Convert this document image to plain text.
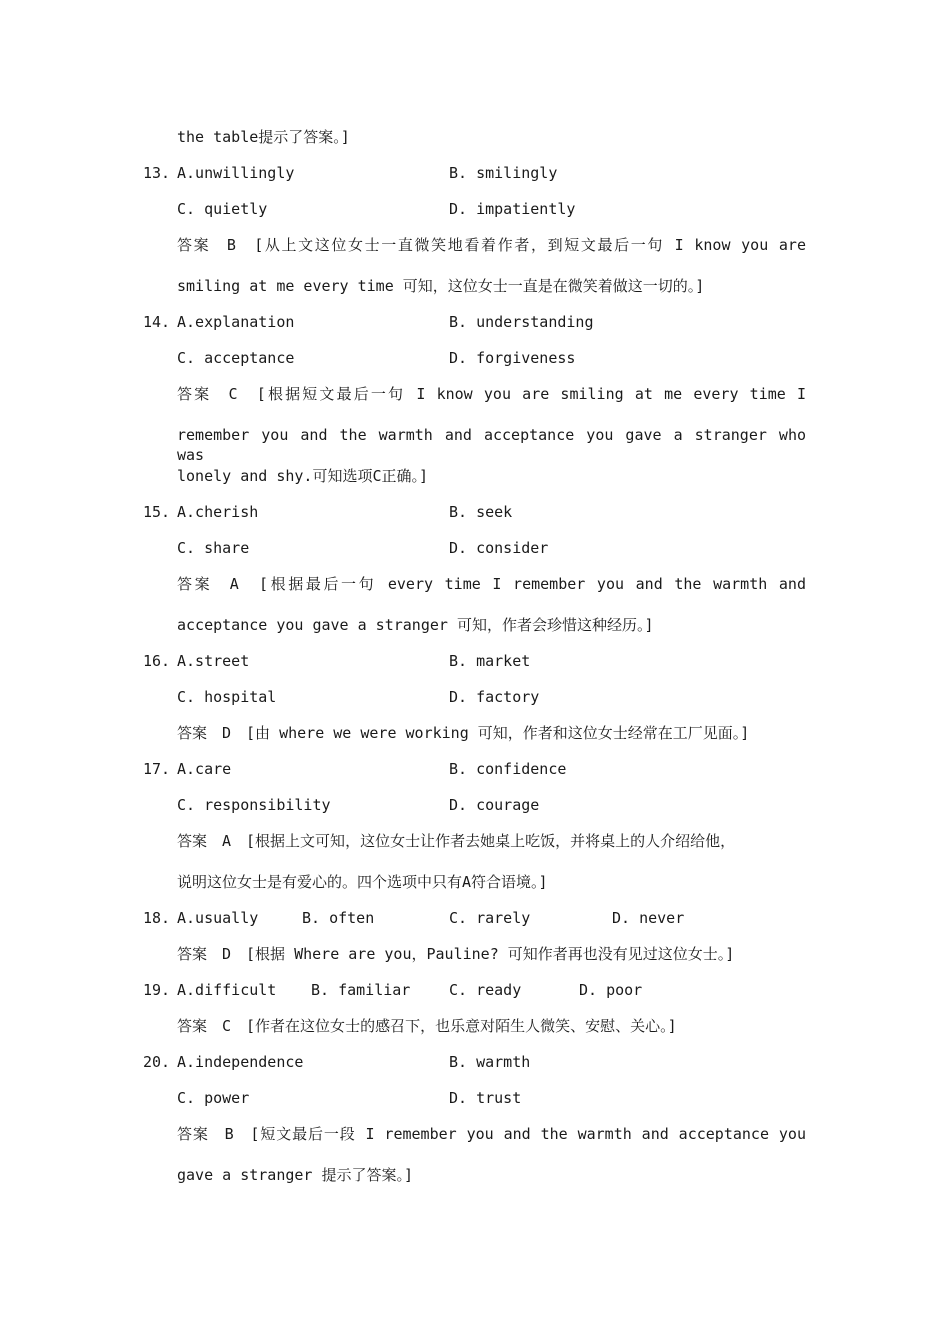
the table提示了答案。]
13. A.unwillingly	B. smilingly
C. quietly	D. impatiently
答案　B　[从上文这位女士一直微笑地看着作者，到短文最后一句 I know you are
smiling at me every time 可知，这位女士一直是在微笑着做这一切的。]
14. A.explanation	B. understanding
C. acceptance	D. forgiveness
答案　C　[根据短文最后一句 I know you are smiling at me every time I
remember you and the warmth and acceptance you gave a stranger who was
lonely and shy.可知选项C正确。]
15. A.cherish	B. seek
C. share	D. consider
答案　A　[根据最后一句 every time I remember you and the warmth and
acceptance you gave a stranger 可知，作者会珍惜这种经历。]
16. A.street	B. market
C. hospital	D. factory
答案　D　[由 where we were working 可知，作者和这位女士经常在工厂见面。]
17. A.care	B. confidence
C. responsibility	D. courage
答案　A　[根据上文可知，这位女士让作者去她桌上吃饭，并将桌上的人介绍给他，
说明这位女士是有爱心的。四个选项中只有A符合语境。]
18. A.usually	B. often	C. rarely	D. never
答案　D　[根据 Where are you，Pauline? 可知作者再也没有见过这位女士。]
19. A.difficult B. familiar	C. ready	D. poor
答案　C　[作者在这位女士的感召下，也乐意对陌生人微笑、安慰、关心。]
20. A.independence	B. warmth
C. power	D. trust
答案　B　[短文最后一段 I remember you and the warmth and acceptance you
gave a stranger 提示了答案。]
